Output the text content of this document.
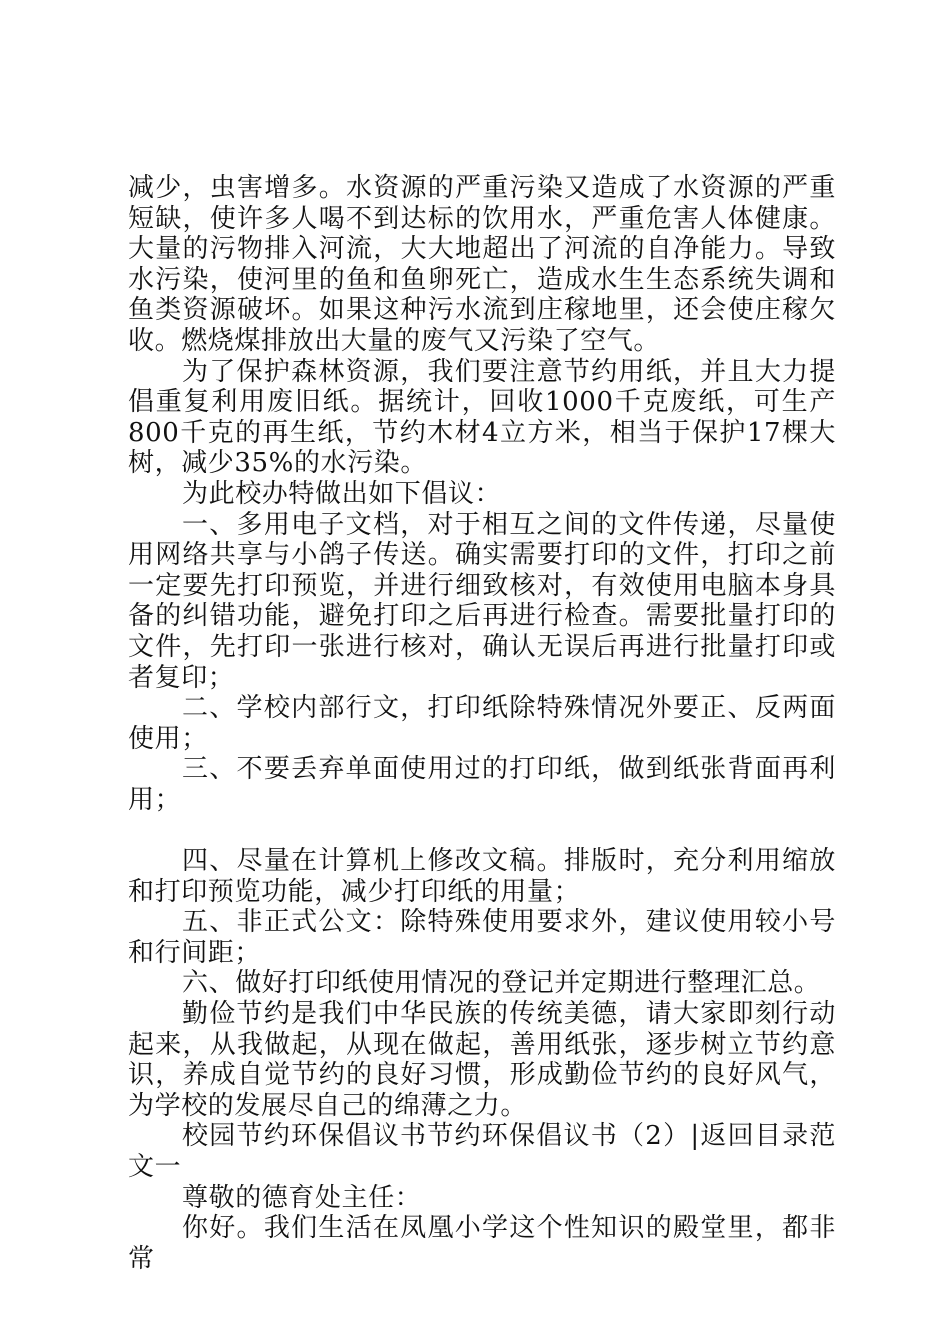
减少，虫害增多。水资源的严重污染又造成了水资源的严重短缺，使许多人喝不到达标的饮用水，严重危害人体健康。大量的污物排入河流，大大地超出了河流的自净能力。导致水污染，使河里的鱼和鱼卵死亡，造成水生生态系统失调和鱼类资源破坏。如果这种污水流到庄稼地里，还会使庄稼欠收。燃烧煤排放出大量的废气又污染了空气。

为了保护森林资源，我们要注意节约用纸，并且大力提倡重复利用废旧纸。据统计，回收1000千克废纸，可生产800千克的再生纸，节约木材4立方米，相当于保护17棵大树，减少35%的水污染。

为此校办特做出如下倡议：

一、多用电子文档，对于相互之间的文件传递，尽量使用网络共享与小鸽子传送。确实需要打印的文件，打印之前一定要先打印预览，并进行细致核对，有效使用电脑本身具备的纠错功能，避免打印之后再进行检查。需要批量打印的文件，先打印一张进行核对，确认无误后再进行批量打印或者复印；

二、学校内部行文，打印纸除特殊情况外要正、反两面使用；

三、不要丢弃单面使用过的打印纸，做到纸张背面再利用；

四、尽量在计算机上修改文稿。排版时，充分利用缩放和打印预览功能，减少打印纸的用量；

五、非正式公文：除特殊使用要求外，建议使用较小号和行间距；

六、做好打印纸使用情况的登记并定期进行整理汇总。

勤俭节约是我们中华民族的传统美德，请大家即刻行动起来，从我做起，从现在做起，善用纸张，逐步树立节约意识，养成自觉节约的良好习惯，形成勤俭节约的良好风气，为学校的发展尽自己的绵薄之力。

校园节约环保倡议书节约环保倡议书（2）|返回目录范文一

尊敬的德育处主任：

你好。我们生活在凤凰小学这个性知识的殿堂里，都非常
